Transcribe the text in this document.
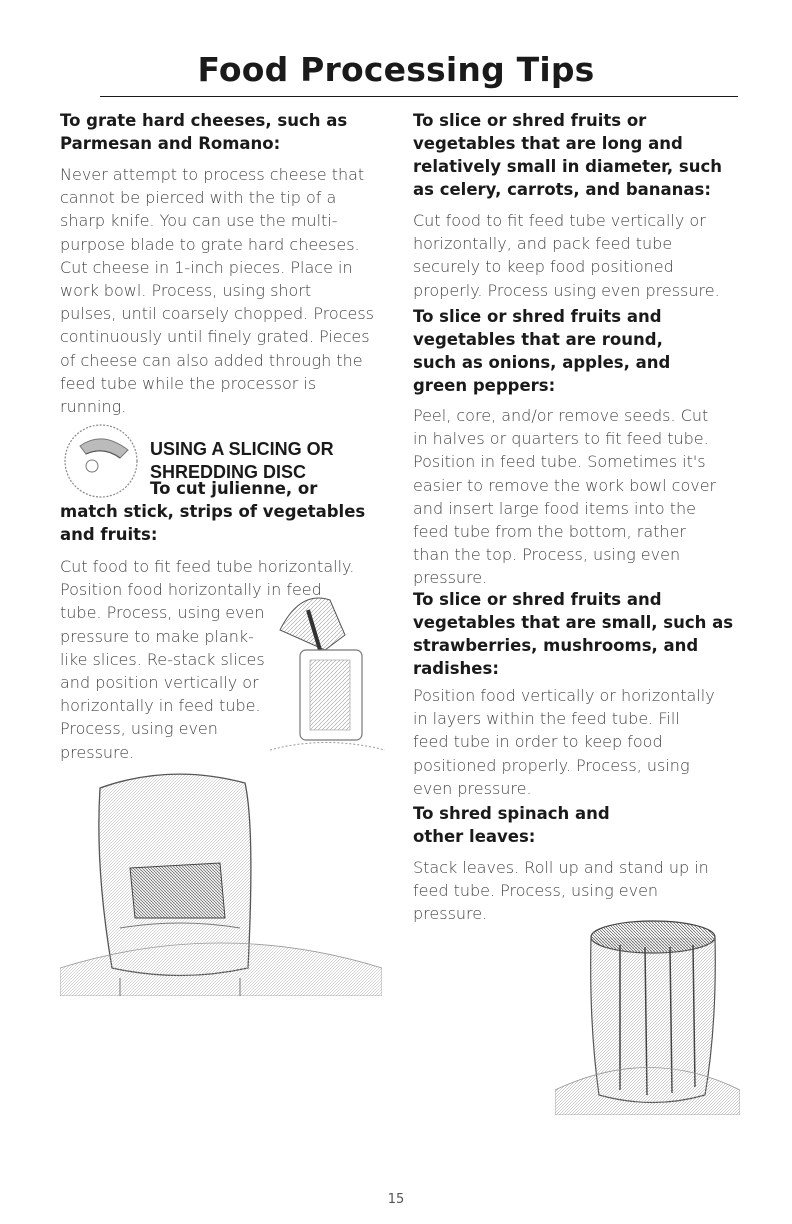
Food Processing Tips
To grate hard cheeses, such as
Parmesan and Romano:
Never attempt to process cheese that
cannot be pierced with the tip of a
sharp knife. You can use the multi-
purpose blade to grate hard cheeses.
Cut cheese in 1-inch pieces. Place in
work bowl. Process, using short
pulses, until coarsely chopped. Process
continuously until finely grated. Pieces
of cheese can also added through the
feed tube while the processor is
running.
USING A SLICING OR
SHREDDING DISC
To cut julienne, or
match stick, strips of vegetables
and fruits:
Cut food to fit feed tube horizontally.
Position food horizontally in feed
tube. Process, using even
pressure to make plank-
like slices. Re-stack slices
and position vertically or
horizontally in feed tube.
Process, using even
pressure.
To slice or shred fruits or
vegetables that are long and
relatively small in diameter, such
as celery, carrots, and bananas:
Cut food to fit feed tube vertically or
horizontally, and pack feed tube
securely to keep food positioned
properly. Process using even pressure.
To slice or shred fruits and
vegetables that are round,
such as onions, apples, and
green peppers:
Peel, core, and/or remove seeds. Cut
in halves or quarters to fit feed tube.
Position in feed tube. Sometimes it's
easier to remove the work bowl cover
and insert large food items into the
feed tube from the bottom, rather
than the top. Process, using even
pressure.
To slice or shred fruits and
vegetables that are small, such as
strawberries, mushrooms, and
radishes:
Position food vertically or horizontally
in layers within the feed tube. Fill
feed tube in order to keep food
positioned properly. Process, using
even pressure.
To shred spinach and
other leaves:
Stack leaves. Roll up and stand up in
feed tube. Process, using even
pressure.
15
